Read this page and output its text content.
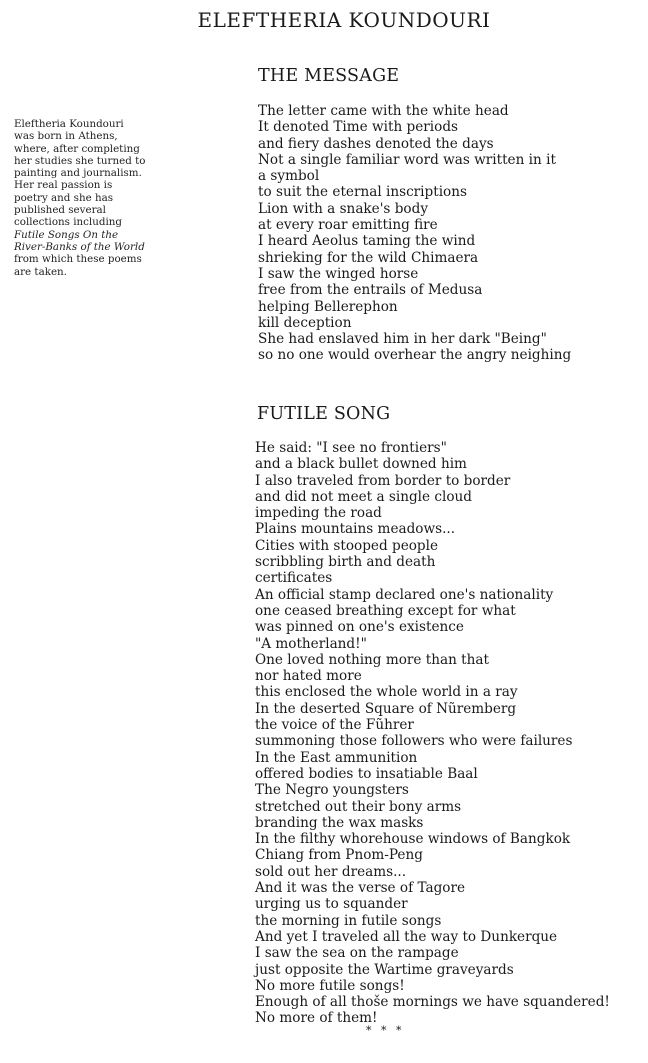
ELEFTHERIA KOUNDOURI
Eleftheria Koundouri
was born in Athens,
where, after completing
her studies she turned to
painting and journalism.
Her real passion is
poetry and she has
published several
collections including
Futile Songs On the
River-Banks of the World
from which these poems
are taken.
THE MESSAGE
The letter came with the white head
It denoted Time with periods
and fiery dashes denoted the days
Not a single familiar word was written in it
a symbol
to suit the eternal inscriptions
Lion with a snake's body
at every roar emitting fire
I heard Aeolus taming the wind
shrieking for the wild Chimaera
I saw the winged horse
free from the entrails of Medusa
helping Bellerephon
kill deception
She had enslaved him in her dark "Being"
so no one would overhear the angry neighing
FUTILE SONG
He said: "I see no frontiers"
and a black bullet downed him
I also traveled from border to border
and did not meet a single cloud
impeding the road
Plains mountains meadows...
Cities with stooped people
scribbling birth and death
certificates
An official stamp declared one's nationality
one ceased breathing except for what
was pinned on one's existence
"A motherland!"
One loved nothing more than that
nor hated more
this enclosed the whole world in a ray
In the deserted Square of Nũremberg
the voice of the Fũhrer
summoning those followers who were failures
In the East ammunition
offered bodies to insatiable Baal
The Negro youngsters
stretched out their bony arms
branding the wax masks
In the filthy whorehouse windows of Bangkok
Chiang from Pnom-Peng
sold out her dreams...
And it was the verse of Tagore
urging us to squander
the morning in futile songs
And yet I traveled all the way to Dunkerque
I saw the sea on the rampage
just opposite the Wartime graveyards
No more futile songs!
Enough of all thoše mornings we have squandered!
No more of them!
* * *
